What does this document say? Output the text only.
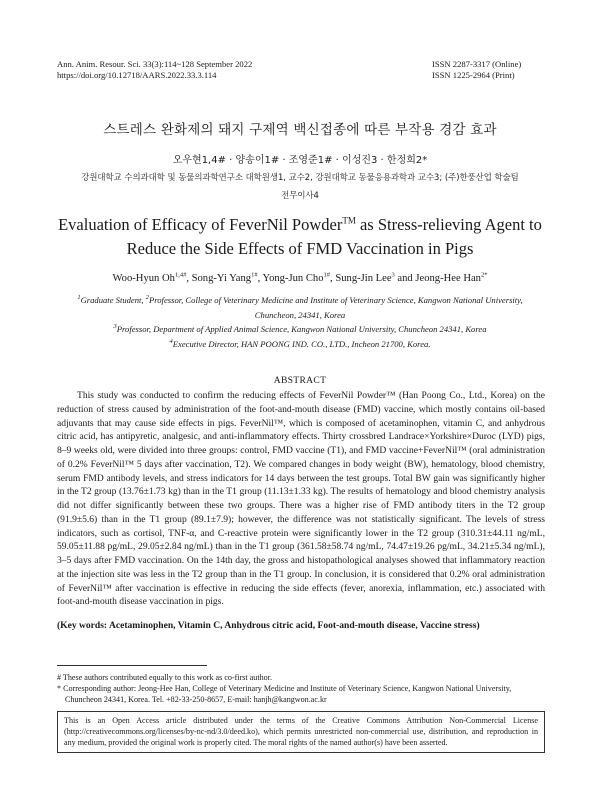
Ann. Anim. Resour. Sci. 33(3):114~128 September 2022
https://doi.org/10.12718/AARS.2022.33.3.114
ISSN 2287-3317 (Online)
ISSN 1225-2964 (Print)
스트레스 완화제의 돼지 구제역 백신접종에 따른 부작용 경감 효과
오우현1,4# · 양송이1# · 조영준1# · 이성진3 · 한정희2*
강원대학교 수의과대학 및 동물의과학연구소 대학원생1, 교수2, 강원대학교 동물응용과학과 교수3; (주)한풍산업 학술팀
전무이사4
Evaluation of Efficacy of FeverNil Powder™ as Stress-relieving Agent to
Reduce the Side Effects of FMD Vaccination in Pigs
Woo-Hyun $Oh^{1,4\#}$, Song-Yi Yang$^{1\#}$, Yong-Jun Cho$^{1\#}$, Sung-Jin Lee$^3$ and Jeong-Hee Han$^{2*}$
$^1$Graduate Student, $^2$Professor, College of Veterinary Medicine and Institute of Veterinary Science, Kangwon National University,
Chuncheon, 24341, Korea
$^3$Professor, Department of Applied Animal Science, Kangwon National University, Chuncheon 24341, Korea
$^4$Executive Director, HAN POONG IND. CO., LTD., Incheon 21700, Korea.
ABSTRACT
This study was conducted to confirm the reducing effects of FeverNil Powder™ (Han Poong Co., Ltd., Korea) on the reduction of stress caused by administration of the foot-and-mouth disease (FMD) vaccine, which mostly contains oil-based adjuvants that may cause side effects in pigs. FeverNil™, which is composed of acetaminophen, vitamin C, and anhydrous citric acid, has antipyretic, analgesic, and anti-inflammatory effects. Thirty crossbred Landrace×Yorkshire×Duroc (LYD) pigs, 8–9 weeks old, were divided into three groups: control, FMD vaccine (T1), and FMD vaccine+FeverNil™ (oral administration of 0.2% FeverNil™ 5 days after vaccination, T2). We compared changes in body weight (BW), hematology, blood chemistry, serum FMD antibody levels, and stress indicators for 14 days between the test groups. Total BW gain was significantly higher in the T2 group (13.76±1.73 kg) than in the T1 group (11.13±1.33 kg). The results of hematology and blood chemistry analysis did not differ significantly between these two groups. There was a higher rise of FMD antibody titers in the T2 group (91.9±5.6) than in the T1 group (89.1±7.9); however, the difference was not statistically significant. The levels of stress indicators, such as cortisol, TNF-α, and C-reactive protein were significantly lower in the T2 group (310.31±44.11 ng/mL, 59.05±11.88 pg/mL, 29.05±2.84 ng/mL) than in the T1 group (361.58±58.74 ng/mL, 74.47±19.26 pg/mL, 34.21±5.34 ng/mL), 3–5 days after FMD vaccination. On the 14th day, the gross and histopathological analyses showed that inflammatory reaction at the injection site was less in the T2 group than in the T1 group. In conclusion, it is considered that 0.2% oral administration of FeverNil™ after vaccination is effective in reducing the side effects (fever, anorexia, inflammation, etc.) associated with foot-and-mouth disease vaccination in pigs.
(Key words: Acetaminophen, Vitamin C, Anhydrous citric acid, Foot-and-mouth disease, Vaccine stress)
# These authors contributed equally to this work as co-first author.
* Corresponding author: Jeong-Hee Han, College of Veterinary Medicine and Institute of Veterinary Science, Kangwon National University, Chuncheon 24341, Korea. Tel. +82-33-250-8657, E-mail: hanjh@kangwon.ac.kr
This is an Open Access article distributed under the terms of the Creative Commons Attribution Non-Commercial License (http://creativecommons.org/licenses/by-nc-nd/3.0/deed.ko), which permits unrestricted non-commercial use, distribution, and reproduction in any medium, provided the original work is properly cited. The moral rights of the named author(s) have been asserted.
